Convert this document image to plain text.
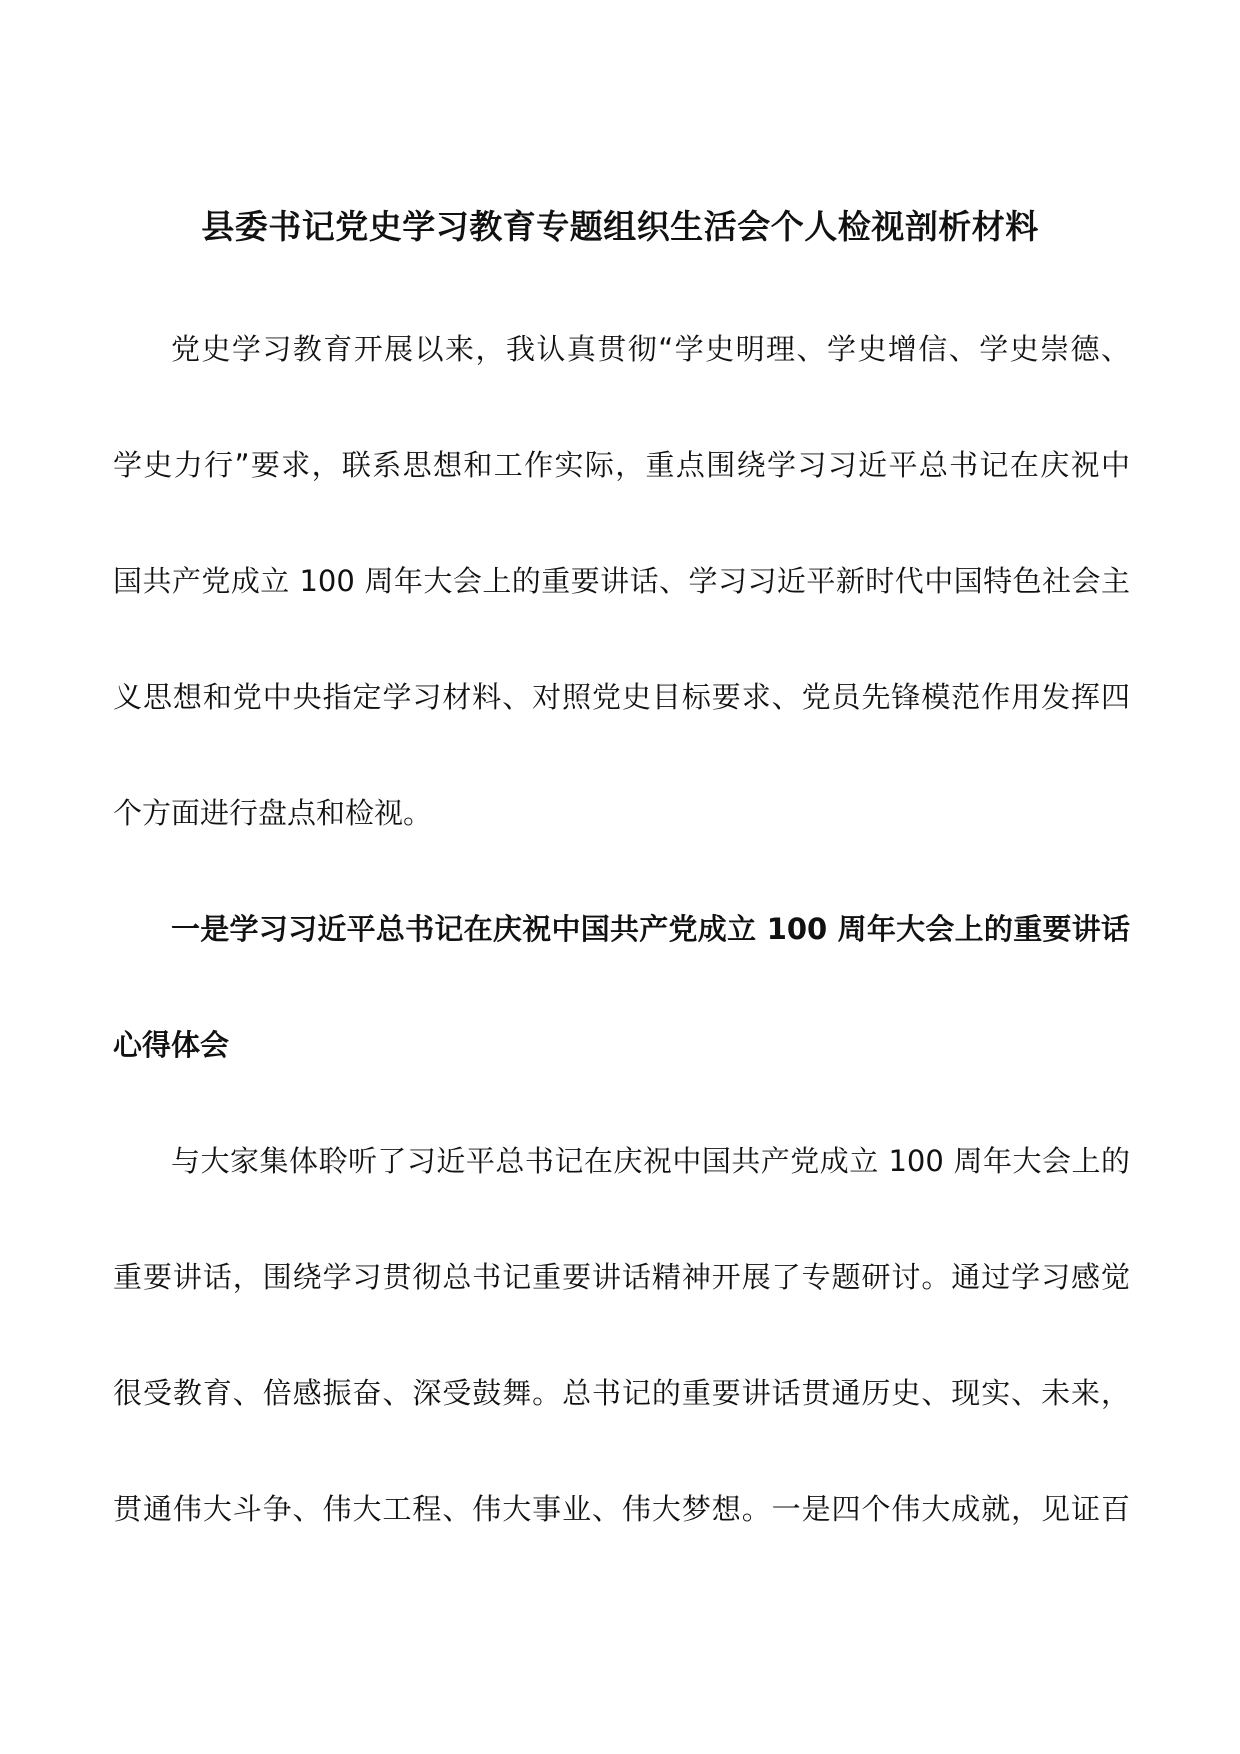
县委书记党史学习教育专题组织生活会个人检视剖析材料
党史学习教育开展以来，我认真贯彻“学史明理、学史增信、学史崇德、
学史力行”要求，联系思想和工作实际，重点围绕学习习近平总书记在庆祝中
国共产党成立 100 周年大会上的重要讲话、学习习近平新时代中国特色社会主
义思想和党中央指定学习材料、对照党史目标要求、党员先锋模范作用发挥四
个方面进行盘点和检视。
一是学习习近平总书记在庆祝中国共产党成立 100 周年大会上的重要讲话
心得体会
与大家集体聆听了习近平总书记在庆祝中国共产党成立 100 周年大会上的
重要讲话，围绕学习贯彻总书记重要讲话精神开展了专题研讨。通过学习感觉
很受教育、倍感振奋、深受鼓舞。总书记的重要讲话贯通历史、现实、未来，
贯通伟大斗争、伟大工程、伟大事业、伟大梦想。一是四个伟大成就，见证百
